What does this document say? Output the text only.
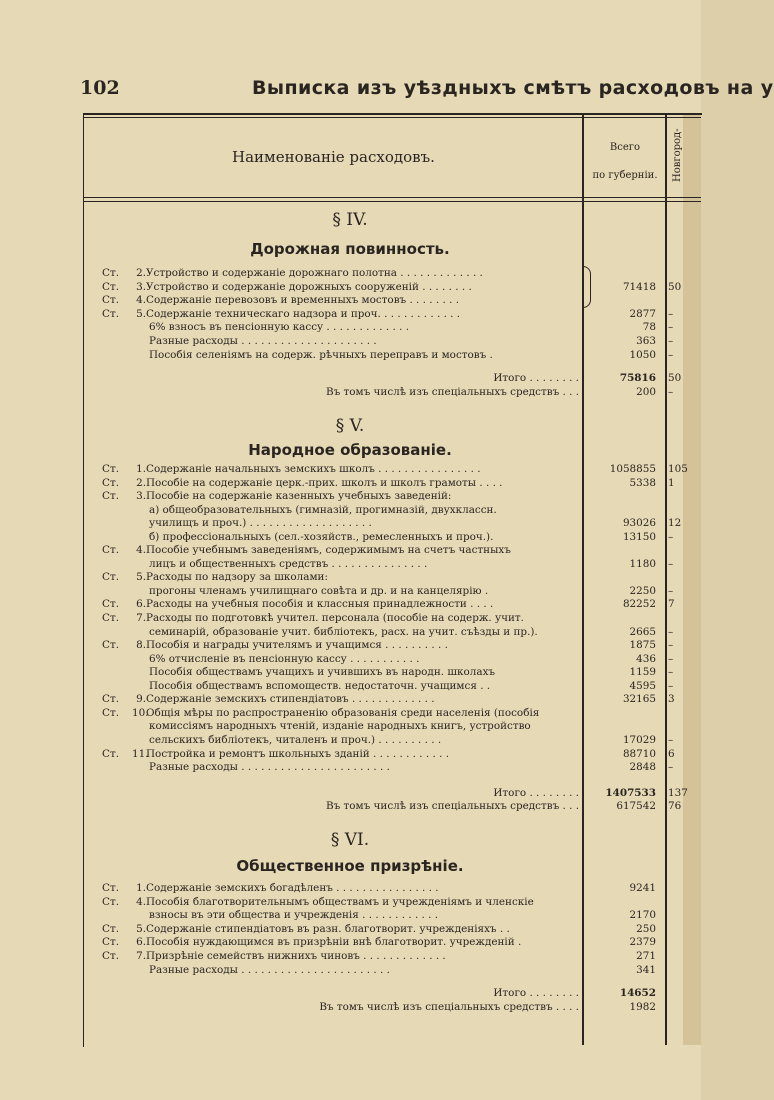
102	Выписка изъ уѣздныхъ смѣтъ расходовъ на у
Наименованіе расходовъ.
Всего
по губерніи.	Новгород-
§ IV.
Дорожная повинность.
Ст.	2. Устройство и содержаніе дорожнаго полотна . . . . . . . . . . . . .
Ст.	3. Устройство и содержаніе дорожныхъ сооруженій . . . . . . . .	71418 50
Ст.	4. Содержаніе перевозовъ и временныхъ мостовъ . . . . . . . .
Ст.	5. Содержаніе техническаго надзора и проч. . . . . . . . . . . . .	2877 –
6% взносъ въ пенсіонную кассу . . . . . . . . . . . . .	78 –
Разные расходы . . . . . . . . . . . . . . . . . . . . .	363 –
Пособія селеніямъ на содерж. рѣчныхъ переправъ и мостовъ .	1050 –
Итого . . . . . . . .	75816 50
Въ томъ числѣ изъ спеціальныхъ средствъ . . .	200 –
§ V.
Народное образованіе.
Ст.	1. Содержаніе начальныхъ земскихъ школъ . . . . . . . . . . . . . . . .	1058855 105
Ст.	2. Пособіе на содержаніе церк.-приx. школъ и школъ грамоты . . . .	5338 1
Ст.	3. Пособіе на содержаніе казенныхъ учебныхъ заведеній:
а) общеобразовательныхъ (гимназій, прогимназій, двухклассн.
училищъ и проч.) . . . . . . . . . . . . . . . . . . .	93026 12
б) профессіональныхъ (сел.-хозяйств., ремесленныхъ и проч.).	13150 –
Ст.	4. Пособіе учебнымъ заведеніямъ, содержимымъ на счетъ частныхъ
лицъ и общественныхъ средствъ . . . . . . . . . . . . . . .	1180 –
Ст.	5. Расходы по надзору за школами:
прогоны членамъ училищнаго совѣта и др. и на канцелярію .	2250 –
Ст.	6. Расходы на учебныя пособія и классныя принадлежности . . . .	82252 7
Ст.	7. Расходы по подготовкѣ учител. персонала (пособіе на содерж. учит.
семинарій, образованіе учит. библіотекъ, расх. на учит. съѣзды и пр.).	2665 –
Ст.	8. Пособія и награды учителямъ и учащимся . . . . . . . . . .	1875 –
6% отчисленіе въ пенсіонную кассу . . . . . . . . . . .	436 –
Пособія обществамъ учащихъ и учившихъ въ народн. школахъ	1159 –
Пособія обществамъ вспомоществ. недостаточн. учащимся . .	4595 –
Ст.	9. Содержаніе земскихъ стипендіатовъ . . . . . . . . . . . . .	32165 3
Ст. 10.
Общія мѣры по распространенію образованія среди населенія (пособія
комиссіямъ народныхъ чтеній, изданіе народныхъ книгъ, устройство
сельскихъ библіотекъ, читаленъ и проч.) . . . . . . . . . .	17029 –
Ст. 11.
Постройка и ремонтъ школьныхъ зданій . . . . . . . . . . . .	88710 6
Разные расходы . . . . . . . . . . . . . . . . . . . . . . .	2848 –
Итого . . . . . . . .	1407533 137
Въ томъ числѣ изъ спеціальныхъ средствъ . . .	617542 76
§ VI.
Общественное призрѣніе.
Ст.	1. Содержаніе земскихъ богадѣленъ . . . . . . . . . . . . . . . .	9241
Ст.	4. Пособія благотворительнымъ обществамъ и учрежденіямъ и членскіе
взносы въ эти общества и учрежденія . . . . . . . . . . . .	2170
Ст.	5. Содержаніе стипендіатовъ въ разн. благотворит. учрежденіяхъ . .	250
Ст.	6. Пособія нуждающимся въ призрѣніи внѣ благотворит. учрежденій .	2379
Ст.	7. Призрѣніе семействъ нижнихъ чиновъ . . . . . . . . . . . . .	271
Разные расходы . . . . . . . . . . . . . . . . . . . . . . .	341
Итого . . . . . . . .	14652
Въ томъ числѣ изъ спеціальныхъ средствъ . . . .	1982
